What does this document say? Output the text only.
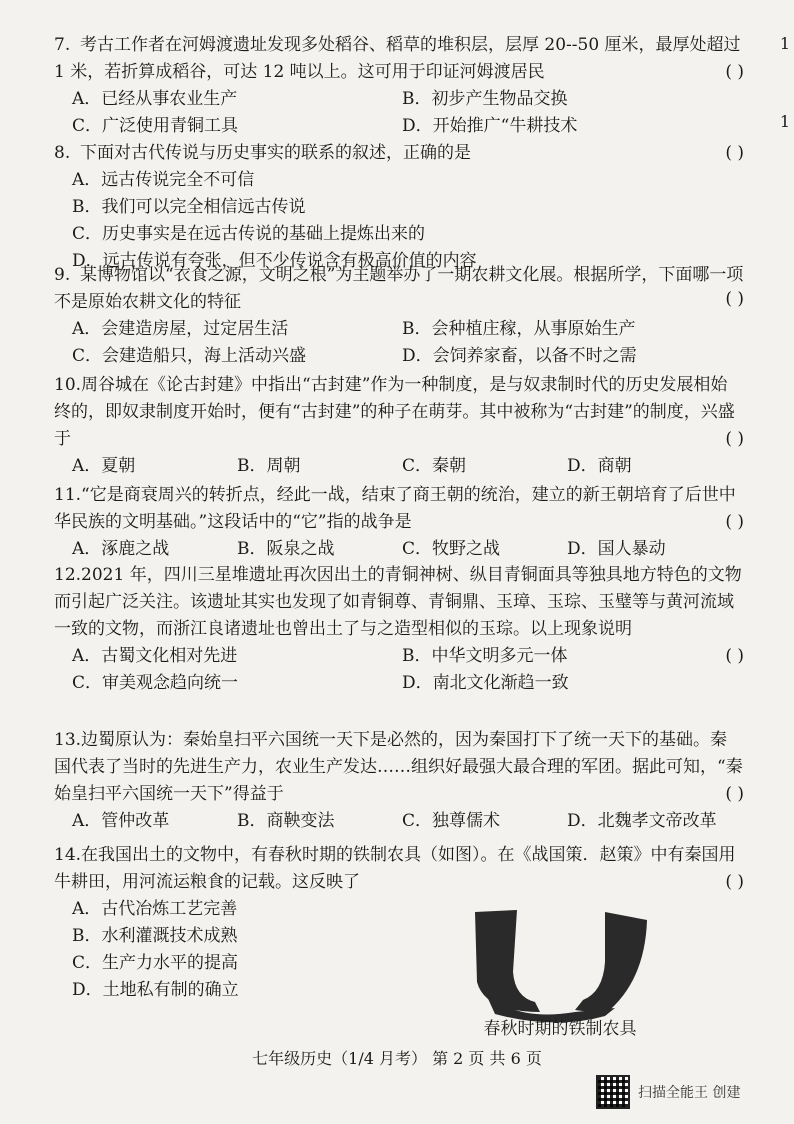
1
1
7. 考古工作者在河姆渡遗址发现多处稻谷、稻草的堆积层，层厚 20--50 厘米，最厚处超过 1 米，若折算成稻谷，可达 12 吨以上。这可用于印证河姆渡居民	( )
A．已经从事农业生产	B．初步产生物品交换
C．广泛使用青铜工具	D．开始推广“牛耕技术
8. 下面对古代传说与历史事实的联系的叙述，正确的是	( )
A．远古传说完全不可信
B．我们可以完全相信远古传说
C．历史事实是在远古传说的基础上提炼出来的
D．远古传说有夸张，但不少传说含有极高价值的内容
9. 某博物馆以“衣食之源，文明之根”为主题举办了一期农耕文化展。根据所学，下面哪一项不是原始农耕文化的特征	( )
A．会建造房屋，过定居生活	B．会种植庄稼，从事原始生产
C．会建造船只，海上活动兴盛	D．会饲养家畜，以备不时之需
10.周谷城在《论古封建》中指出“古封建”作为一种制度，是与奴隶制时代的历史发展相始终的，即奴隶制度开始时，便有“古封建”的种子在萌芽。其中被称为“古封建”的制度，兴盛于	( )
A．夏朝	B．周朝	C．秦朝	D．商朝
11.“它是商衰周兴的转折点，经此一战，结束了商王朝的统治，建立的新王朝培育了后世中华民族的文明基础。”这段话中的“它”指的战争是	( )
A．涿鹿之战	B．阪泉之战	C．牧野之战	D．国人暴动
12.2021 年，四川三星堆遗址再次因出土的青铜神树、纵目青铜面具等独具地方特色的文物而引起广泛关注。该遗址其实也发现了如青铜尊、青铜鼎、玉璋、玉琮、玉璧等与黄河流域一致的文物，而浙江良诸遗址也曾出土了与之造型相似的玉琮。以上现象说明
( )
A．古蜀文化相对先进	B．中华文明多元一体
C．审美观念趋向统一	D．南北文化渐趋一致
13.边蜀原认为：秦始皇扫平六国统一天下是必然的，因为秦国打下了统一天下的基础。秦国代表了当时的先进生产力，农业生产发达……组织好最强大最合理的军团。据此可知，“秦始皇扫平六国统一天下”得益于	( )
A．管仲改革	B．商鞅变法	C．独尊儒术	D．北魏孝文帝改革
14.在我国出土的文物中，有春秋时期的铁制农具（如图）。在《战国策．赵策》中有秦国用牛耕田，用河流运粮食的记载。这反映了	( )
A．古代冶炼工艺完善
B．水利灌溉技术成熟
C．生产力水平的提高
D．土地私有制的确立
春秋时期的铁制农具
七年级历史（1/4 月考） 第 2 页 共 6 页
扫描全能王 创建
